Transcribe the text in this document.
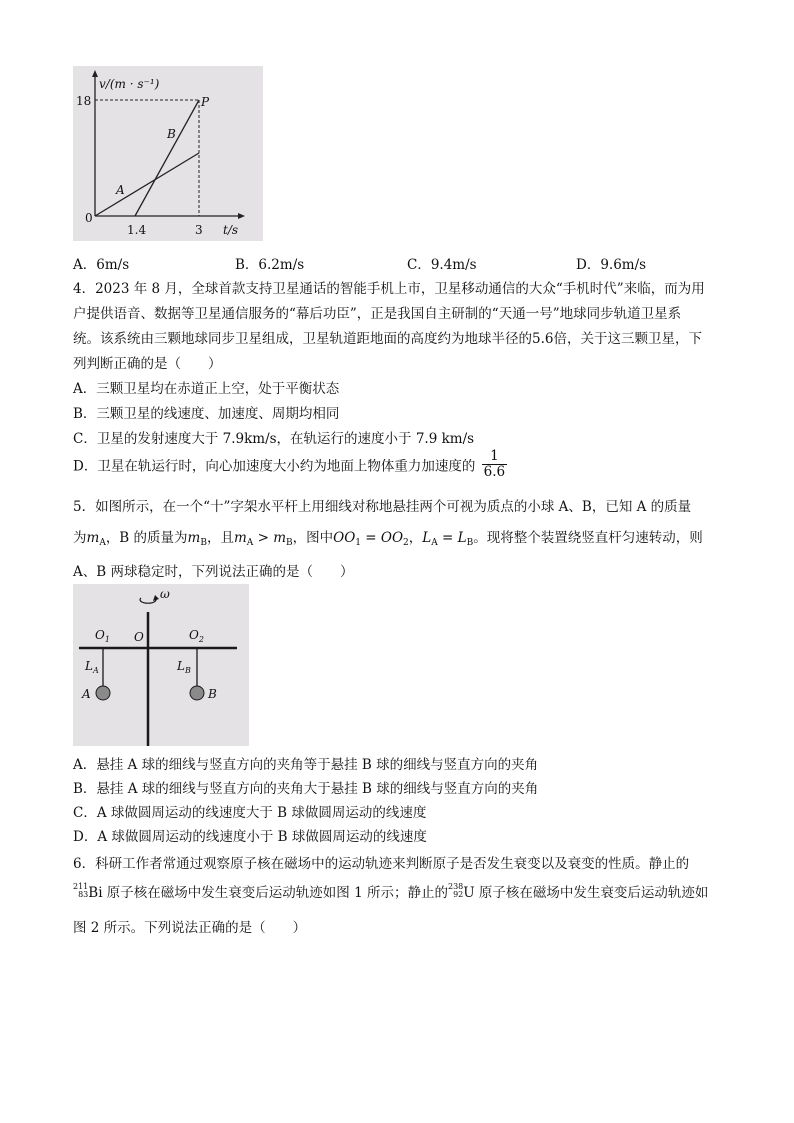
v/(m · s⁻¹)
18
0
1.4	3 t/s
A
B
P
A．6m/s	B．6.2m/s	C．9.4m/s	D．9.6m/s
4．2023 年 8 月，全球首款支持卫星通话的智能手机上市，卫星移动通信的大众“手机时代”来临，而为用
户提供语音、数据等卫星通信服务的“幕后功臣”，正是我国自主研制的“天通一号”地球同步轨道卫星系
统。该系统由三颗地球同步卫星组成，卫星轨道距地面的高度约为地球半径的5.6倍，关于这三颗卫星，下
列判断正确的是（　　）
A．三颗卫星均在赤道正上空，处于平衡状态
B．三颗卫星的线速度、加速度、周期均相同
C．卫星的发射速度大于 7.9km/s，在轨运行的速度小于 7.9 km/s
D．卫星在轨运行时，向心加速度大小约为地面上物体重力加速度的 $\frac{1}{6.6}$
5．如图所示，在一个“十”字架水平杆上用细线对称地悬挂两个可视为质点的小球 A、B，已知 A 的质量
为$m_A$，B 的质量为$m_B$，且$m_A > m_B$，图中$OO_1 = OO_2$，$L_A = L_B$。现将整个装置绕竖直杆匀速转动，则
A、B 两球稳定时，下列说法正确的是（　　）
ω
O
$O_1$	$O_2$
$L_A$	$L_B$
A	B
A．悬挂 A 球的细线与竖直方向的夹角等于悬挂 B 球的细线与竖直方向的夹角
B．悬挂 A 球的细线与竖直方向的夹角大于悬挂 B 球的细线与竖直方向的夹角
C．A 球做圆周运动的线速度大于 B 球做圆周运动的线速度
D．A 球做圆周运动的线速度小于 B 球做圆周运动的线速度
6．科研工作者常通过观察原子核在磁场中的运动轨迹来判断原子是否发生衰变以及衰变的性质。静止的
211
83 Bi 原子核在磁场中发生衰变后运动轨迹如图 1 所示；静止的 238
92 U 原子核在磁场中发生衰变后运动轨迹如
图 2 所示。下列说法正确的是（　　）
